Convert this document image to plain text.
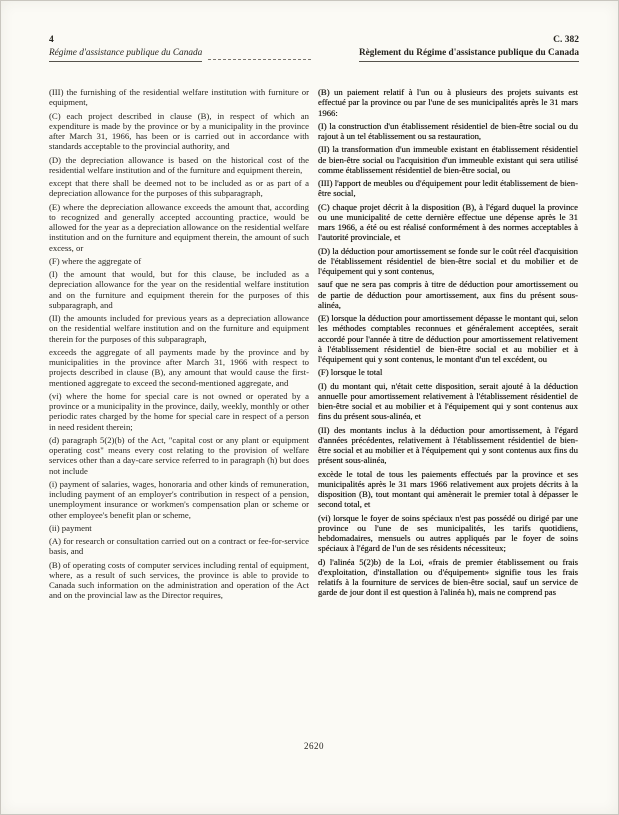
4
Régime d'assistance publique du Canada
C. 382
Règlement du Régime d'assistance publique du Canada

(III) the furnishing of the residential welfare institution with furniture or equipment,

(C) each project described in clause (B), in respect of which an expenditure is made by the province or by a municipality in the province after March 31, 1966, has been or is carried out in accordance with standards acceptable to the provincial authority, and

(D) the depreciation allowance is based on the historical cost of the residential welfare institution and of the furniture and equipment therein,

except that there shall be deemed not to be included as or as part of a depreciation allowance for the purposes of this subparagraph,

(E) where the depreciation allowance exceeds the amount that, according to recognized and generally accepted accounting practice, would be allowed for the year as a depreciation allowance on the residential welfare institution and on the furniture and equipment therein, the amount of such excess, or

(F) where the aggregate of

(I) the amount that would, but for this clause, be included as a depreciation allowance for the year on the residential welfare institution and on the furniture and equipment therein for the purposes of this subparagraph, and

(II) the amounts included for previous years as a depreciation allowance on the residential welfare institution and on the furniture and equipment therein for the purposes of this subparagraph,

exceeds the aggregate of all payments made by the province and by municipalities in the province after March 31, 1966 with respect to projects described in clause (B), any amount that would cause the first-mentioned aggregate to exceed the second-mentioned aggregate, and

(vi) where the home for special care is not owned or operated by a province or a municipality in the province, daily, weekly, monthly or other periodic rates charged by the home for special care in respect of a person in need resident therein;

(d) paragraph 5(2)(b) of the Act, "capital cost or any plant or equipment operating cost" means every cost relating to the provision of welfare services other than a day-care service referred to in paragraph (h) but does not include

(i) payment of salaries, wages, honoraria and other kinds of remuneration, including payment of an employer's contribution in respect of a pension, unemployment insurance or workmen's compensation plan or scheme or other employee's benefit plan or scheme,

(ii) payment

(A) for research or consultation carried out on a contract or fee-for-service basis, and

(B) of operating costs of computer services including rental of equipment, where, as a result of such services, the province is able to provide to Canada such information on the administration and operation of the Act and on the provincial law as the Director requires,

(B) un paiement relatif à l'un ou à plusieurs des projets suivants est effectué par la province ou par l'une de ses municipalités après le 31 mars 1966:

(I) la construction d'un établissement résidentiel de bien-être social ou du rajout à un tel établissement ou sa restauration,

(II) la transformation d'un immeuble existant en établissement résidentiel de bien-être social ou l'acquisition d'un immeuble existant qui sera utilisé comme établissement résidentiel de bien-être social, ou

(III) l'apport de meubles ou d'équipement pour ledit établissement de bien-être social,

(C) chaque projet décrit à la disposition (B), à l'égard duquel la province ou une municipalité de cette dernière effectue une dépense après le 31 mars 1966, a été ou est réalisé conformément à des normes acceptables à l'autorité provinciale, et

(D) la déduction pour amortissement se fonde sur le coût réel d'acquisition de l'établissement résidentiel de bien-être social et du mobilier et de l'équipement qui y sont contenus,

sauf que ne sera pas compris à titre de déduction pour amortissement ou de partie de déduction pour amortissement, aux fins du présent sous-alinéa,

(E) lorsque la déduction pour amortissement dépasse le montant qui, selon les méthodes comptables reconnues et généralement acceptées, serait accordé pour l'année à titre de déduction pour amortissement relativement à l'établissement résidentiel de bien-être social et au mobilier et à l'équipement qui y sont contenus, le montant d'un tel excédent, ou

(F) lorsque le total

(I) du montant qui, n'était cette disposition, serait ajouté à la déduction annuelle pour amortissement relativement à l'établissement résidentiel de bien-être social et au mobilier et à l'équipement qui y sont contenus aux fins du présent sous-alinéa, et

(II) des montants inclus à la déduction pour amortissement, à l'égard d'années précédentes, relativement à l'établissement résidentiel de bien-être social et au mobilier et à l'équipement qui y sont contenus aux fins du présent sous-alinéa,

excède le total de tous les paiements effectués par la province et ses municipalités après le 31 mars 1966 relativement aux projets décrits à la disposition (B), tout montant qui amènerait le premier total à dépasser le second total, et

(vi) lorsque le foyer de soins spéciaux n'est pas possédé ou dirigé par une province ou l'une de ses municipalités, les tarifs quotidiens, hebdomadaires, mensuels ou autres appliqués par le foyer de soins spéciaux à l'égard de l'un de ses résidents nécessiteux;

d) l'alinéa 5(2)b) de la Loi, «frais de premier établissement ou frais d'exploitation, d'installation ou d'équipement» signifie tous les frais relatifs à la fourniture de services de bien-être social, sauf un service de garde de jour dont il est question à l'alinéa h), mais ne comprend pas

2620
